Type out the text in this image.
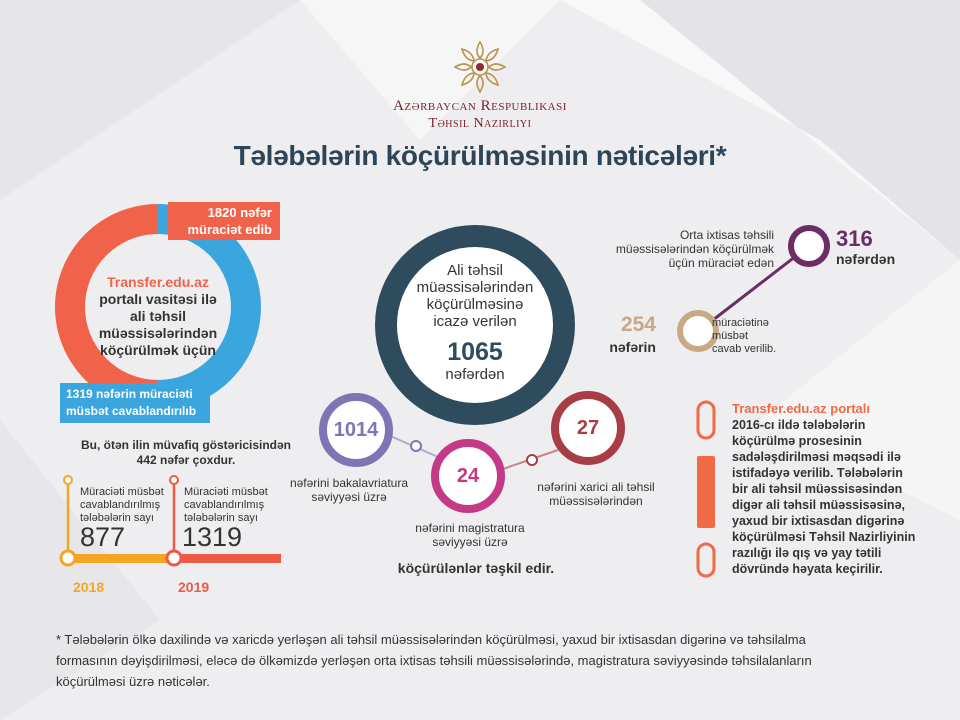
Azərbaycan Respublikası
Təhsil Nazirliyi
Tələbələrin köçürülməsinin nəticələri*
1820 nəfər
müraciət edib
1319 nəfərin müraciəti
müsbət cavablandırılıb
Transfer.edu.az
portalı vasitəsi ilə
ali təhsil
müəssisələrindən
köçürülmək üçün
Bu, ötən ilin müvafiq göstəricisindən
442 nəfər çoxdur.
Müraciəti müsbət
cavablandırılmış
tələbələrin sayı
877
2018
Müraciəti müsbət
cavablandırılmış
tələbələrin sayı
1319
2019
Ali təhsil
müəssisələrindən
köçürülməsinə
icazə verilən
1065
nəfərdən
1014
24
27
nəfərini bakalavriatura
səviyyəsi üzrə
nəfərini magistratura
səviyyəsi üzrə
nəfərini xarici ali təhsil
müəssisələrindən
köçürülənlər təşkil edir.
Orta ixtisas təhsili
müəssisələrindən köçürülmək
üçün müraciət edən
316
nəfərdən
254
nəfərin
müraciətinə
müsbət
cavab verilib.
Transfer.edu.az portalı
2016-cı ildə tələbələrin
köçürülmə prosesinin
sadələşdirilməsi məqsədi ilə
istifadəyə verilib. Tələbələrin
bir ali təhsil müəssisəsindən
digər ali təhsil müəssisəsinə,
yaxud bir ixtisasdan digərinə
köçürülməsi Təhsil Nazirliyinin
razılığı ilə qış və yay tətili
dövründə həyata keçirilir.
* Tələbələrin ölkə daxilində və xaricdə yerləşən ali təhsil müəssisələrindən köçürülməsi, yaxud bir ixtisasdan digərinə və təhsilalma
formasının dəyişdirilməsi, eləcə də ölkəmizdə yerləşən orta ixtisas təhsili müəssisələrində, magistratura səviyyəsində təhsilalanların
köçürülməsi üzrə nəticələr.
